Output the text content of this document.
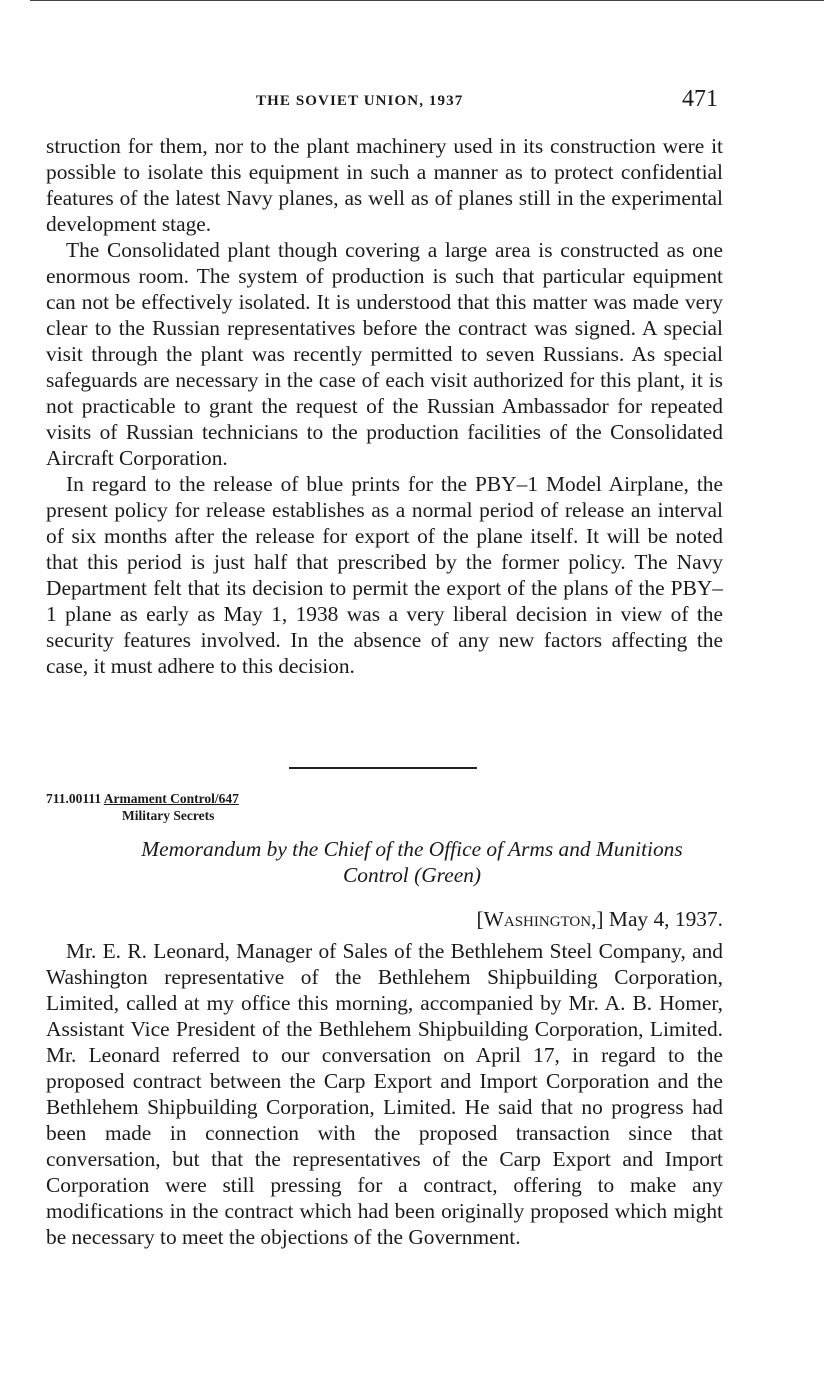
THE SOVIET UNION, 1937	471

struction for them, nor to the plant machinery used in its construction were it possible to isolate this equipment in such a manner as to protect confidential features of the latest Navy planes, as well as of planes still in the experimental development stage.

The Consolidated plant though covering a large area is constructed as one enormous room. The system of production is such that particular equipment can not be effectively isolated. It is understood that this matter was made very clear to the Russian representatives before the contract was signed. A special visit through the plant was recently permitted to seven Russians. As special safeguards are necessary in the case of each visit authorized for this plant, it is not practicable to grant the request of the Russian Ambassador for repeated visits of Russian technicians to the production facilities of the Consolidated Aircraft Corporation.

In regard to the release of blue prints for the PBY–1 Model Airplane, the present policy for release establishes as a normal period of release an interval of six months after the release for export of the plane itself. It will be noted that this period is just half that prescribed by the former policy. The Navy Department felt that its decision to permit the export of the plans of the PBY–1 plane as early as May 1, 1938 was a very liberal decision in view of the security features involved. In the absence of any new factors affecting the case, it must adhere to this decision.

711.00111 Armament Control/647
Military Secrets
Memorandum by the Chief of the Office of Arms and Munitions
Control (Green)
[Washington,] May 4, 1937.

Mr. E. R. Leonard, Manager of Sales of the Bethlehem Steel Company, and Washington representative of the Bethlehem Shipbuilding Corporation, Limited, called at my office this morning, accompanied by Mr. A. B. Homer, Assistant Vice President of the Bethlehem Shipbuilding Corporation, Limited. Mr. Leonard referred to our conversation on April 17, in regard to the proposed contract between the Carp Export and Import Corporation and the Bethlehem Shipbuilding Corporation, Limited. He said that no progress had been made in connection with the proposed transaction since that conversation, but that the representatives of the Carp Export and Import Corporation were still pressing for a contract, offering to make any modifications in the contract which had been originally proposed which might be necessary to meet the objections of the Government.
